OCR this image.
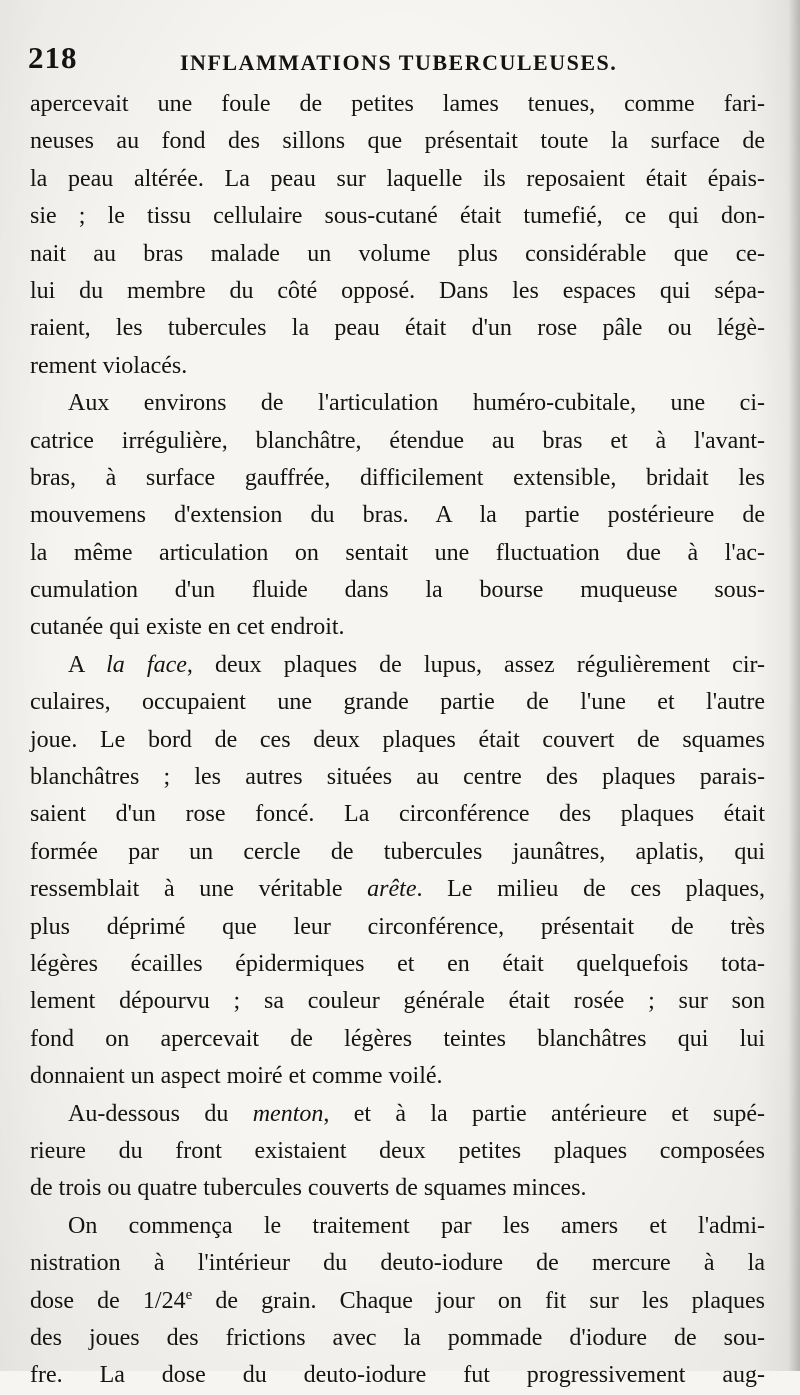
218	INFLAMMATIONS TUBERCULEUSES.
apercevait une foule de petites lames tenues, comme fari-
neuses au fond des sillons que présentait toute la surface de
la peau altérée. La peau sur laquelle ils reposaient était épais-
sie ; le tissu cellulaire sous-cutané était tumefié, ce qui don-
nait au bras malade un volume plus considérable que ce-
lui du membre du côté opposé. Dans les espaces qui sépa-
raient, les tubercules la peau était d'un rose pâle ou légè-
rement violacés.
Aux environs de l'articulation huméro-cubitale, une ci-
catrice irrégulière, blanchâtre, étendue au bras et à l'avant-
bras, à surface gauffrée, difficilement extensible, bridait les
mouvemens d'extension du bras. A la partie postérieure de
la même articulation on sentait une fluctuation due à l'ac-
cumulation d'un fluide dans la bourse muqueuse sous-
cutanée qui existe en cet endroit.
A la face, deux plaques de lupus, assez régulièrement cir-
culaires, occupaient une grande partie de l'une et l'autre
joue. Le bord de ces deux plaques était couvert de squames
blanchâtres ; les autres situées au centre des plaques parais-
saient d'un rose foncé. La circonférence des plaques était
formée par un cercle de tubercules jaunâtres, aplatis, qui
ressemblait à une véritable arête. Le milieu de ces plaques,
plus déprimé que leur circonférence, présentait de très
légères écailles épidermiques et en était quelquefois tota-
lement dépourvu ; sa couleur générale était rosée ; sur son
fond on apercevait de légères teintes blanchâtres qui lui
donnaient un aspect moiré et comme voilé.
Au-dessous du menton, et à la partie antérieure et supé-
rieure du front existaient deux petites plaques composées
de trois ou quatre tubercules couverts de squames minces.
On commença le traitement par les amers et l'admi-
nistration à l'intérieur du deuto-iodure de mercure à la
dose de 1/24e de grain. Chaque jour on fit sur les plaques
des joues des frictions avec la pommade d'iodure de sou-
fre. La dose du deuto-iodure fut progressivement aug-
